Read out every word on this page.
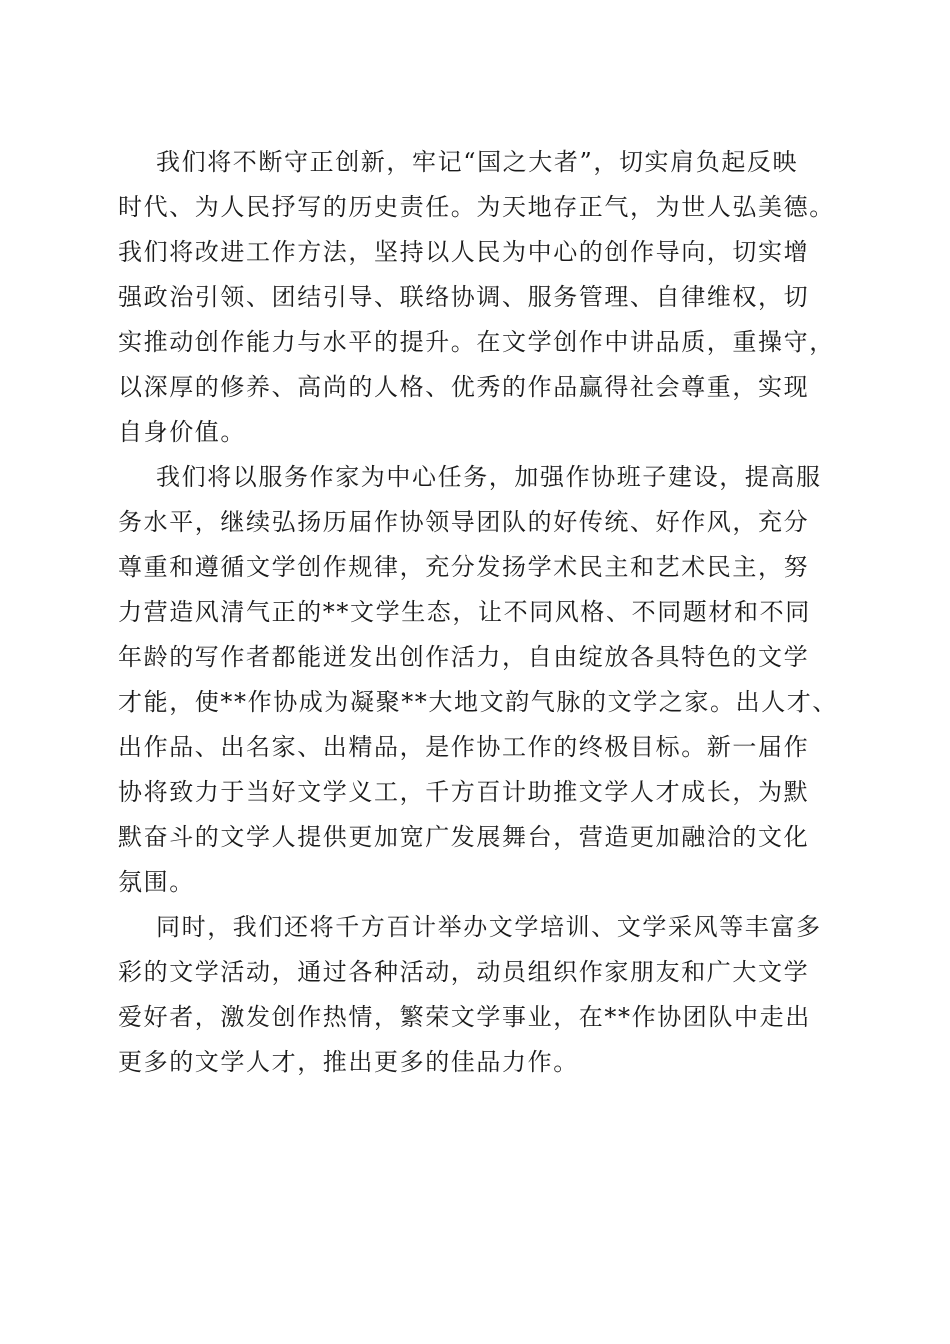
我们将不断守正创新，牢记“国之大者”，切实肩负起反映
时代、为人民抒写的历史责任。为天地存正气，为世人弘美德。
我们将改进工作方法，坚持以人民为中心的创作导向，切实增
强政治引领、团结引导、联络协调、服务管理、自律维权，切
实推动创作能力与水平的提升。在文学创作中讲品质，重操守，
以深厚的修养、高尚的人格、优秀的作品赢得社会尊重，实现
自身价值。
我们将以服务作家为中心任务，加强作协班子建设，提高服
务水平，继续弘扬历届作协领导团队的好传统、好作风，充分
尊重和遵循文学创作规律，充分发扬学术民主和艺术民主，努
力营造风清气正的**文学生态，让不同风格、不同题材和不同
年龄的写作者都能迸发出创作活力，自由绽放各具特色的文学
才能，使**作协成为凝聚**大地文韵气脉的文学之家。出人才、
出作品、出名家、出精品，是作协工作的终极目标。新一届作
协将致力于当好文学义工，千方百计助推文学人才成长，为默
默奋斗的文学人提供更加宽广发展舞台，营造更加融洽的文化
氛围。
同时，我们还将千方百计举办文学培训、文学采风等丰富多
彩的文学活动，通过各种活动，动员组织作家朋友和广大文学
爱好者，激发创作热情，繁荣文学事业，在**作协团队中走出
更多的文学人才，推出更多的佳品力作。
